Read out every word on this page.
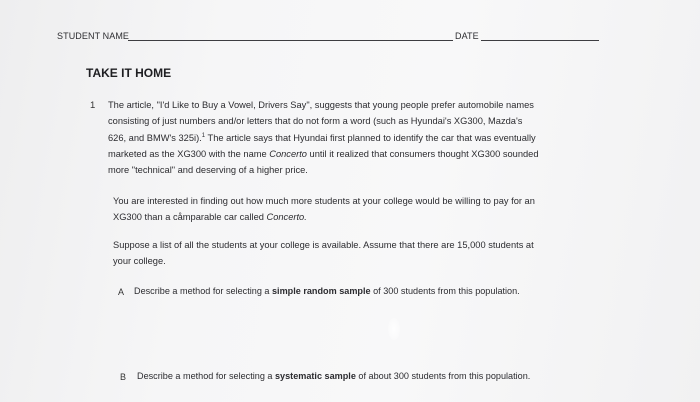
STUDENT NAME	DATE
TAKE IT HOME
1 The article, "I'd Like to Buy a Vowel, Drivers Say", suggests that young people prefer automobile names

consisting of just numbers and/or letters that do not form a word (such as Hyundai's XG300, Mazda's

626, and BMW's 325i).$^1$ The article says that Hyundai first planned to identify the car that was eventually

marketed as the XG300 with the name Concerto until it realized that consumers thought XG300 sounded

more "technical" and deserving of a higher price.

You are interested in finding out how much more students at your college would be willing to pay for an

XG300 than a cåmparable car called Concerto.

Suppose a list of all the students at your college is available. Assume that there are 15,000 students at

your college.

A Describe a method for selecting a simple random sample of 300 students from this population.
B Describe a method for selecting a systematic sample of about 300 students from this population.
